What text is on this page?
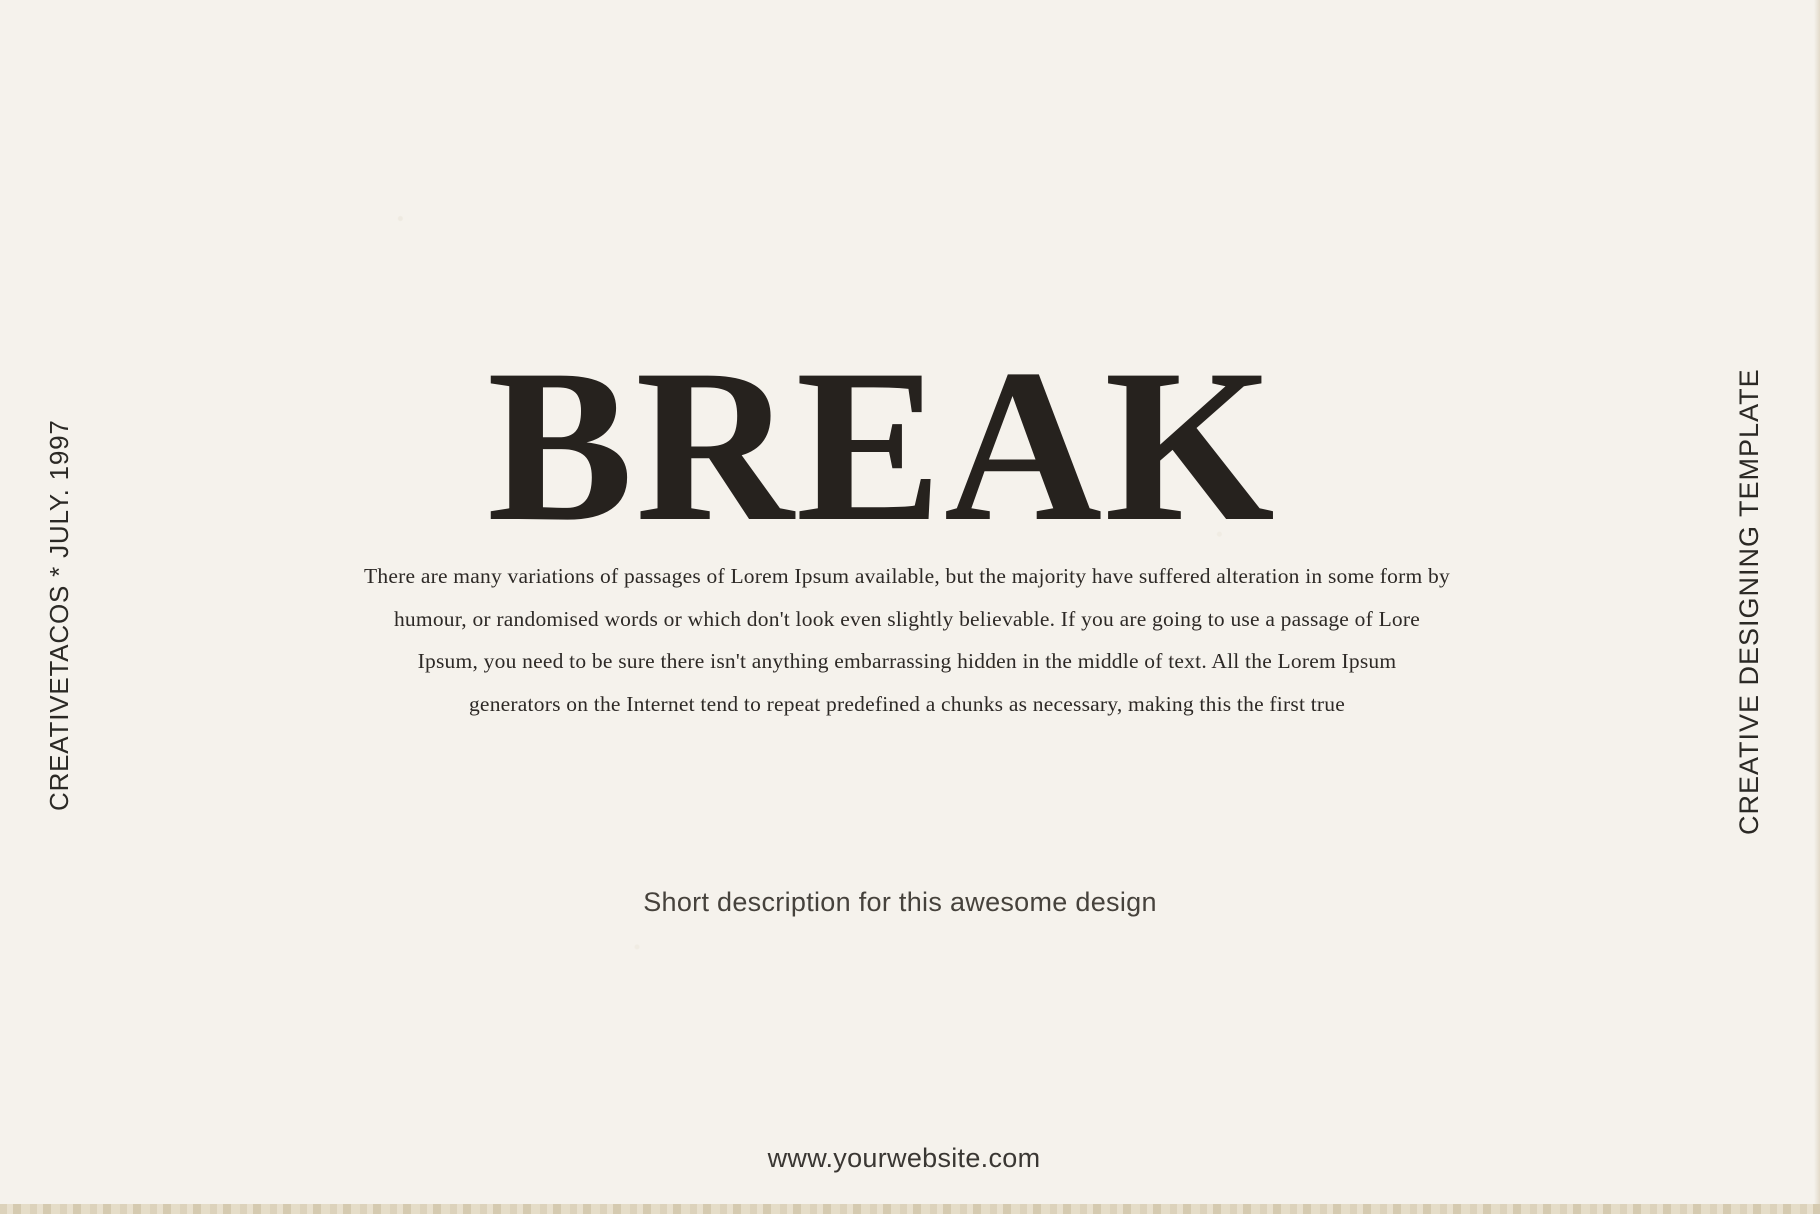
BREAK
CREATIVETACOS * JULY. 1997	CREATIVE DESIGNING TEMPLATE
There are many variations of passages of Lorem Ipsum available, but the majority have suffered alteration in some form by
humour, or randomised words or which don't look even slightly believable. If you are going to use a passage of Lore
Ipsum, you need to be sure there isn't anything embarrassing hidden in the middle of text. All the Lorem Ipsum
generators on the Internet tend to repeat predefined a chunks as necessary, making this the first true
Short description for this awesome design
www.yourwebsite.com
